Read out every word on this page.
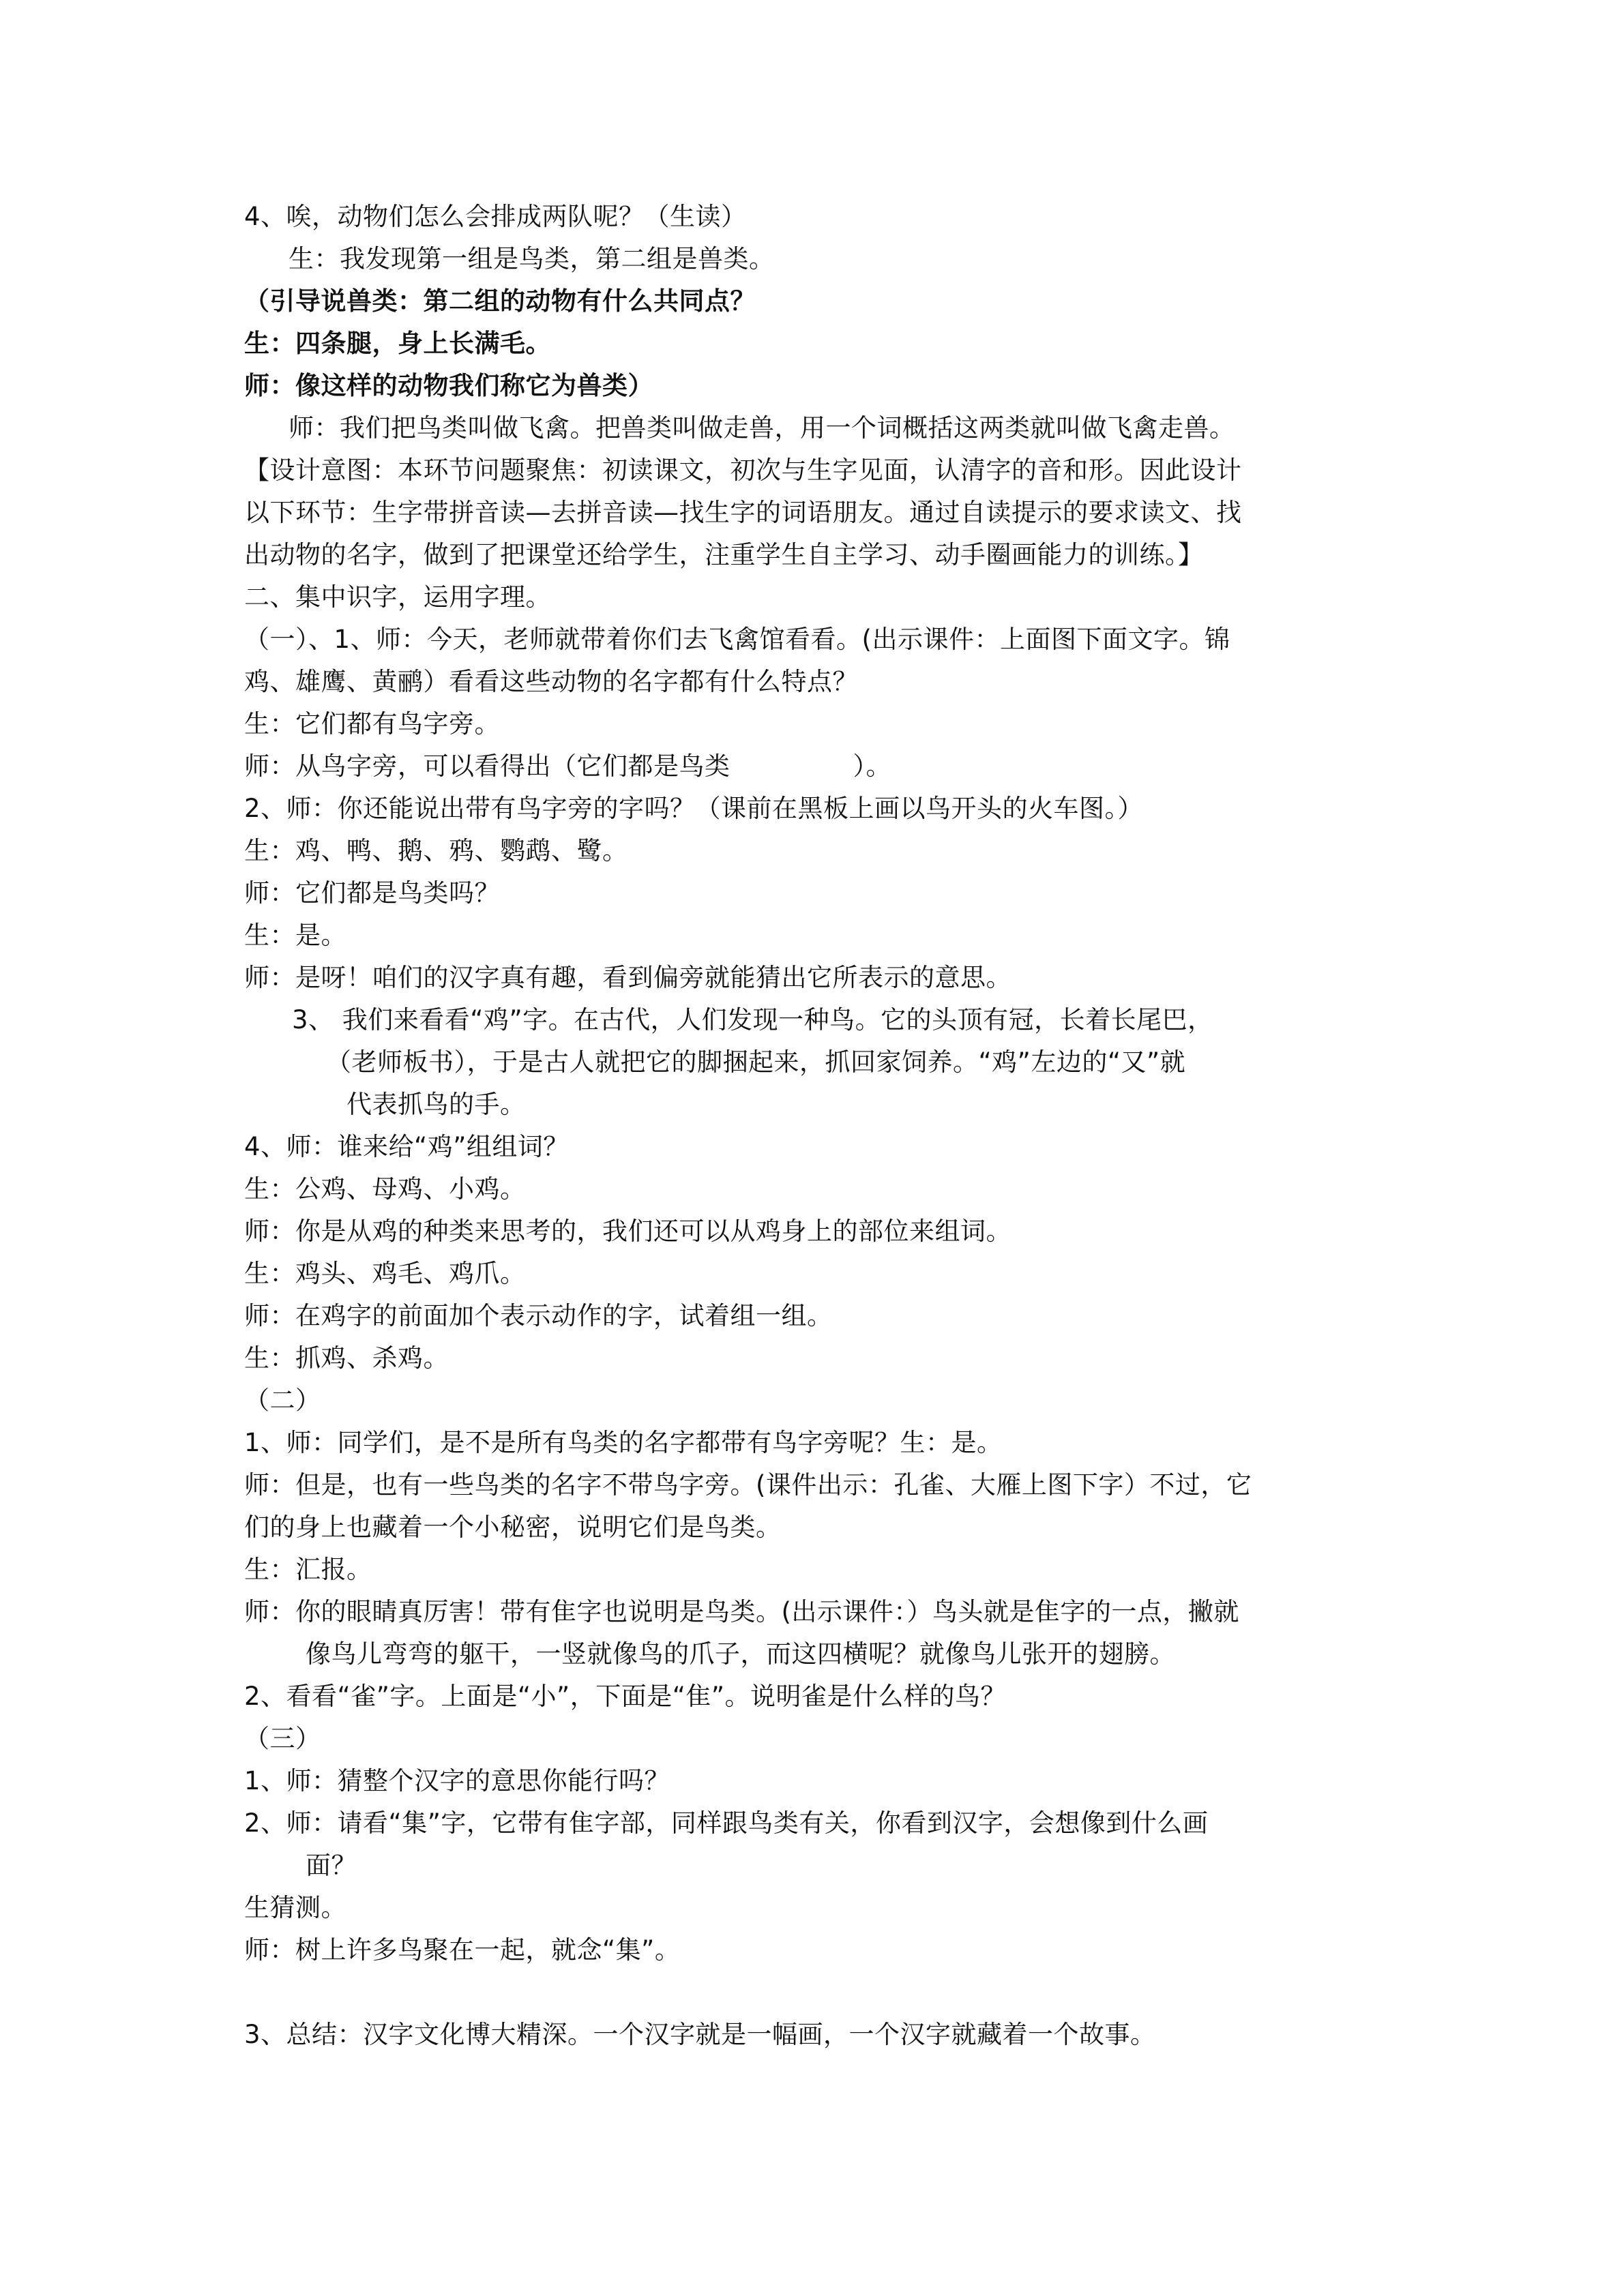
4、唉，动物们怎么会排成两队呢？（生读）
生：我发现第一组是鸟类，第二组是兽类。
（引导说兽类：第二组的动物有什么共同点？
生：四条腿，身上长满毛。
师：像这样的动物我们称它为兽类）
师：我们把鸟类叫做飞禽。把兽类叫做走兽，用一个词概括这两类就叫做飞禽走兽。
【设计意图：本环节问题聚焦：初读课文，初次与生字见面，认清字的音和形。因此设计
以下环节：生字带拼音读—去拼音读—找生字的词语朋友。通过自读提示的要求读文、找
出动物的名字，做到了把课堂还给学生，注重学生自主学习、动手圈画能力的训练。】
二、集中识字，运用字理。
（一）、1、师：今天，老师就带着你们去飞禽馆看看。(出示课件：上面图下面文字。锦
鸡、雄鹰、黄鹂）看看这些动物的名字都有什么特点？
生：它们都有鸟字旁。
师：从鸟字旁，可以看得出（它们都是鸟类	）。
2、师：你还能说出带有鸟字旁的字吗？（课前在黑板上画以鸟开头的火车图。）
生：鸡、鸭、鹅、鸦、鹦鹉、鹭。
师：它们都是鸟类吗？
生：是。
师：是呀！咱们的汉字真有趣，看到偏旁就能猜出它所表示的意思。
3、 我们来看看“鸡”字。在古代，人们发现一种鸟。它的头顶有冠，长着长尾巴，
（老师板书），于是古人就把它的脚捆起来，抓回家饲养。“鸡”左边的“又”就
代表抓鸟的手。
4、师：谁来给“鸡”组组词？
生：公鸡、母鸡、小鸡。
师：你是从鸡的种类来思考的，我们还可以从鸡身上的部位来组词。
生：鸡头、鸡毛、鸡爪。
师：在鸡字的前面加个表示动作的字，试着组一组。
生：抓鸡、杀鸡。
（二）
1、师：同学们，是不是所有鸟类的名字都带有鸟字旁呢？生：是。
师：但是，也有一些鸟类的名字不带鸟字旁。(课件出示：孔雀、大雁上图下字）不过，它
们的身上也藏着一个小秘密，说明它们是鸟类。
生：汇报。
师：你的眼睛真厉害！带有隹字也说明是鸟类。(出示课件：）鸟头就是隹字的一点，撇就
像鸟儿弯弯的躯干，一竖就像鸟的爪子，而这四横呢？就像鸟儿张开的翅膀。
2、看看“雀”字。上面是“小”，下面是“隹”。说明雀是什么样的鸟？
（三）
1、师：猜整个汉字的意思你能行吗？
2、师：请看“集”字，它带有隹字部，同样跟鸟类有关，你看到汉字，会想像到什么画
面？
生猜测。
师：树上许多鸟聚在一起，就念“集”。
3、总结：汉字文化博大精深。一个汉字就是一幅画，一个汉字就藏着一个故事。
